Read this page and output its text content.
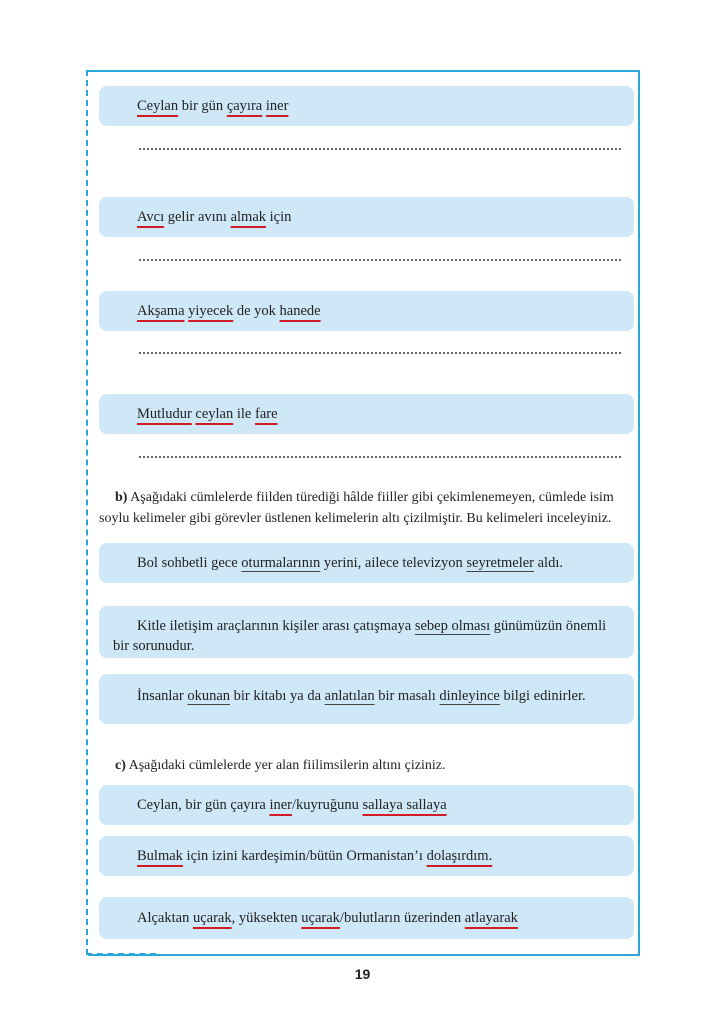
Ceylan bir gün çayıra iner
Avcı gelir avını almak için
Akşama yiyecek de yok hanede
Mutludur ceylan ile fare
b) Aşağıdaki cümlelerde fiilden türediği hâlde fiiller gibi çekimlenemeyen, cümlede isim
soylu kelimeler gibi görevler üstlenen kelimelerin altı çizilmiştir. Bu kelimeleri inceleyiniz.
Bol sohbetli gece oturmalarının yerini, ailece televizyon seyretmeler aldı.
Kitle iletişim araçlarının kişiler arası çatışmaya sebep olması günümüzün önemli
bir sorunudur.
İnsanlar okunan bir kitabı ya da anlatılan bir masalı dinleyince bilgi edinirler.
c) Aşağıdaki cümlelerde yer alan fiilimsilerin altını çiziniz.
Ceylan, bir gün çayıra iner/kuyruğunu sallaya sallaya
Bulmak için izini kardeşimin/bütün Ormanistan’ı dolaşırdım.
Alçaktan uçarak, yüksekten uçarak/bulutların üzerinden atlayarak
19
